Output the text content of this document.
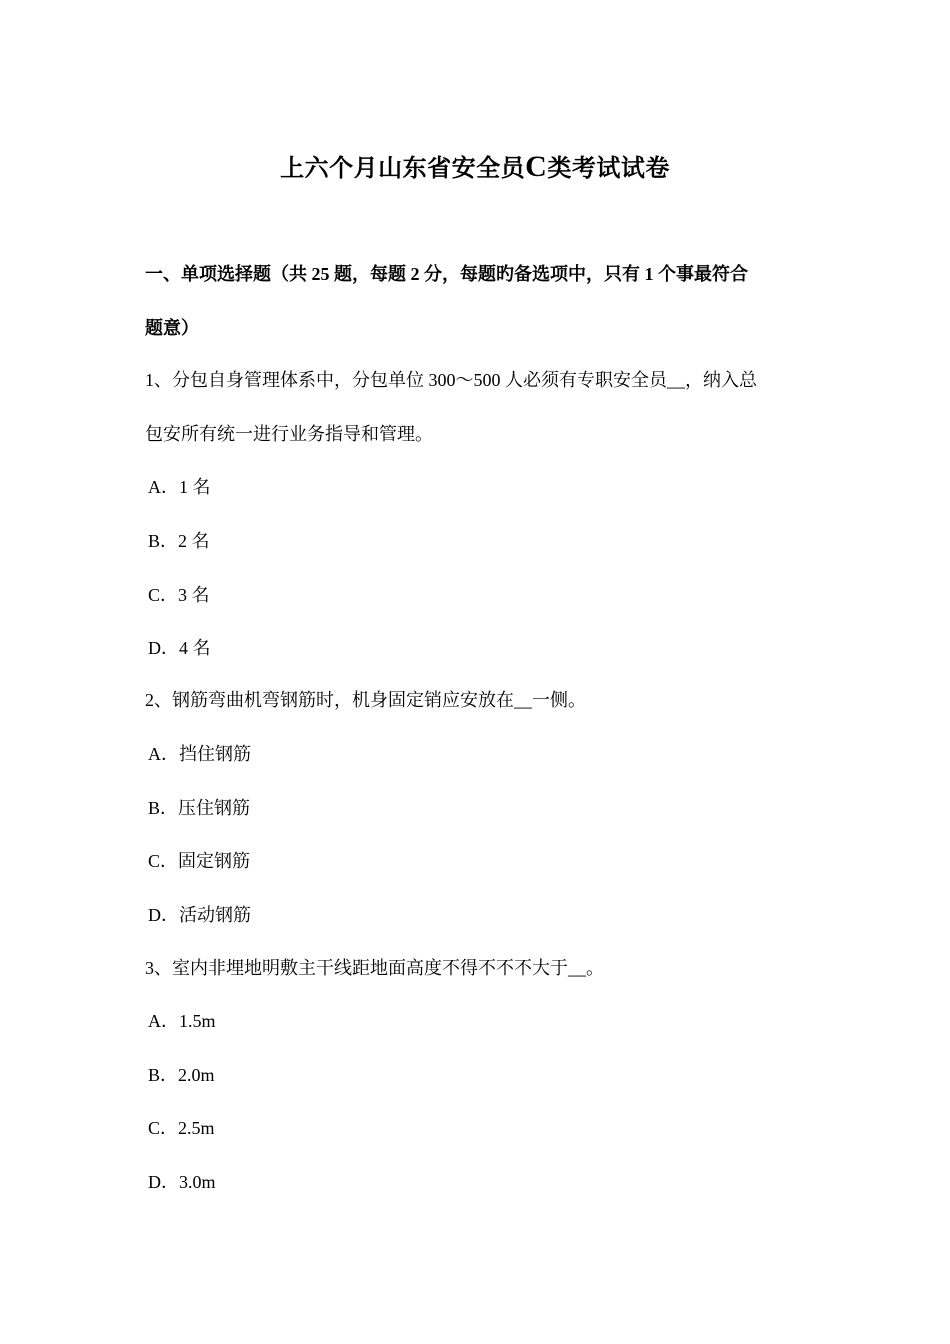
上六个月山东省安全员C类考试试卷
一、单项选择题（共 25 题，每题 2 分，每题旳备选项中，只有 1 个事最符合
题意）
1、分包自身管理体系中，分包单位 300～500 人必须有专职安全员__，纳入总
包安所有统一进行业务指导和管理。
A．1 名
B．2 名
C．3 名
D．4 名
2、钢筋弯曲机弯钢筋时，机身固定销应安放在__一侧。
A．挡住钢筋
B．压住钢筋
C．固定钢筋
D．活动钢筋
3、室内非埋地明敷主干线距地面高度不得不不不大于__。
A．1.5m
B．2.0m
C．2.5m
D．3.0m
